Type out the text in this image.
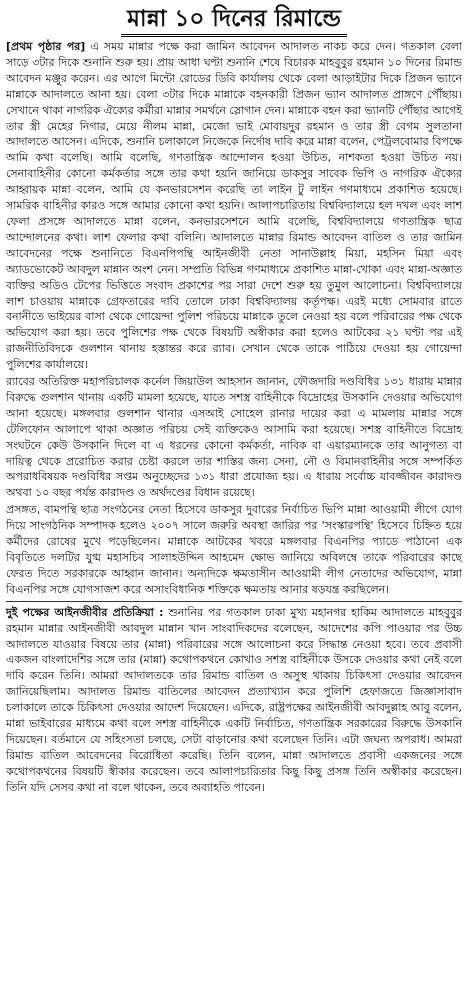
মান্না ১০ দিনের রিমান্ডে

[প্রথম পৃষ্ঠার পর] এ সময় মান্নার পক্ষে করা জামিন আবেদন আদালত নাকচ করে দেন। গতকাল বেলা সাড়ে ৩টার দিকে শুনানি শুরু হয়। প্রায় আধা ঘণ্টা শুনানি শেষে বিচারক মাহবুবুর রহমান ১০ দিনের রিমান্ড আবেদন মঞ্জুর করেন। এর আগে মিন্টো রোডের ডিবি কার্যালয় থেকে বেলা আড়াইটার দিকে প্রিজন ভ্যানে মান্নাকে আদালতে আনা হয়। বেলা ৩টার দিকে মান্নাকে বহনকারী প্রিজন ভ্যান আদালত প্রাঙ্গণে পৌঁছায়। সেখানে থাকা নাগরিক ঐক্যের কর্মীরা মান্নার সমর্থনে স্লোগান দেন। মান্নাকে বহন করা ভ্যানটি পৌঁছার আগেই তার স্ত্রী মেহের নিগার, মেয়ে নীলম মান্না, মেজো ভাই মোবায়দুর রহমান ও তার স্ত্রী বেগম সুলতানা আদালতে আসেন। এদিকে, শুনানি চলাকালে নিজেকে নির্দোষ দাবি করে মান্না বলেন, পেট্রলবোমার বিপক্ষে আমি কথা বলেছি। আমি বলেছি, গণতান্ত্রিক আন্দোলন হওয়া উচিত, নাশকতা হওয়া উচিত নয়। সেনাবাহিনীর কোনো কর্মকর্তার সঙ্গে তার কথা হয়নি জানিয়ে ডাকসুর সাবেক ভিপি ও নাগরিক ঐক্যের আহ্বায়ক মান্না বলেন, আমি যে কনভারসেশন করেছি তা লাইন টু লাইন গণমাধ্যমে প্রকাশিত হয়েছে। সামরিক বাহিনীর কারও সঙ্গে আমার কোনো কথা হয়নি। আলাপচারিতায় বিশ্ববিদ্যালয়ে হল দখল এবং লাশ ফেলা প্রসঙ্গে আদালতে মান্না বলেন, কনভারসেশনে আমি বলেছি, বিশ্ববিদ্যালয়ে গণতান্ত্রিক ছাত্র আন্দোলনের কথা। লাশ ফেলার কথা বলিনি। আদালতে মান্নার রিমান্ড আবেদন বাতিল ও তার জামিন আবেদনের পক্ষে শুনানিতে বিএনপিপন্থি আইনজীবী নেতা সানাউল্লাহ মিয়া, মহসিন মিয়া এবং অ্যাডভোকেট আবদুল মান্নান অংশ নেন। সম্প্রতি বিভিন্ন গণমাধ্যমে প্রকাশিত মান্না-খোকা এবং মান্না-অজ্ঞাত ব্যক্তির অডিও টেপের ভিত্তিতে সংবাদ প্রকাশের পর সারা দেশে শুরু হয় তুমুল আলোচনা। বিশ্ববিদ্যালয়ে লাশ চাওয়ায় মান্নাকে গ্রেফতারের দাবি তোলে ঢাকা বিশ্ববিদ্যালয় কর্তৃপক্ষ। এরই মধ্যে সোমবার রাতে বনানীতে ভাইয়ের বাসা থেকে গোয়েন্দা পুলিশ পরিচয়ে মান্নাকে তুলে নেওয়া হয় বলে পরিবারের পক্ষ থেকে অভিযোগ করা হয়। তবে পুলিশের পক্ষ থেকে বিষয়টি অস্বীকার করা হলেও আটকের ২১ ঘণ্টা পর এই রাজনীতিবিদকে গুলশান থানায় হস্তান্তর করে র‌্যাব। সেখান থেকে তাকে পাঠিয়ে দেওয়া হয় গোয়েন্দা পুলিশের কার্যালয়ে।

র‌্যাবের অতিরিক্ত মহাপরিচালক কর্নেল জিয়াউল আহসান জানান, ফৌজদারি দণ্ডবিধির ১৩১ ধারায় মান্নার বিরুদ্ধে গুলশান থানায় একটি মামলা হয়েছে, যাতে সশস্ত্র বাহিনীকে বিদ্রোহের উসকানি দেওয়ার অভিযোগ আনা হয়েছে। মঙ্গলবার গুলশান থানার এসআই সোহেল রানার দায়ের করা এ মামলায় মান্নার সঙ্গে টেলিফোন আলাপে থাকা অজ্ঞাত পরিচয় সেই ব্যক্তিকেও আসামি করা হয়েছে। সশস্ত্র বাহিনীতে বিদ্রোহ সংঘটনে কেউ উসকানি দিলে বা এ ধরনের কোনো কর্মকর্তা, নাবিক বা এয়ারম্যানকে তার আনুগত্য বা দায়িত্ব থেকে প্ররোচিত করার চেষ্টা করলে তার শাস্তির জন্য সেনা, নৌ ও বিমানবাহিনীর সঙ্গে সম্পর্কিত অপরাধবিষয়ক দণ্ডবিধির সপ্তম অনুচ্ছেদের ১৩১ ধারা প্রযোজ্য হয়। এ ধারায় সর্বোচ্চ যাবজ্জীবন কারাদণ্ড অথবা ১০ বছর পর্যন্ত কারাদণ্ড ও অর্থদণ্ডের বিধান রয়েছে।

প্রসঙ্গত, বামপন্থি ছাত্র সংগঠনের নেতা হিসেবে ডাকসুর দুবারের নির্বাচিত ভিপি মান্না আওয়ামী লীগে যোগ দিয়ে সাংগঠনিক সম্পাদক হলেও ২০০৭ সালে জরুরি অবস্থা জারির পর 'সংস্কারপন্থি' হিসেবে চিহ্নিত হয়ে কর্মীদের রোষের মুখে পড়েছিলেন। মান্নাকে আটকের খবরে মঙ্গলবার বিএনপির প্যাডে পাঠানো এক বিবৃতিতে দলটির যুগ্ম মহাসচিব সালাহউদ্দিন আহমেদ ক্ষোভ জানিয়ে অবিলম্বে তাকে পরিবারের কাছে ফেরত দিতে সরকারকে আহ্বান জানান। অন্যদিকে ক্ষমতাসীন আওয়ামী লীগ নেতাদের অভিযোগ, মান্না বিএনপির সঙ্গে যোগসাজশ করে অসাংবিধানিক শক্তিকে ক্ষমতায় আনার ষড়যন্ত্র করছিলেন।

দুই পক্ষের আইনজীবীর প্রতিক্রিয়া : শুনানির পর গতকাল ঢাকা মুখ্য মহানগর হাকিম আদালতে মাহবুবুর রহমান মান্নার আইনজীবী আবদুল মান্নান খান সাংবাদিকদের বলেছেন, আদেশের কপি পাওয়ার পর উচ্চ আদালতে যাওয়ার বিষয়ে তার (মান্না) পরিবারের সঙ্গে আলোচনা করে সিদ্ধান্ত নেওয়া হবে। তবে প্রবাসী একজন বাংলাদেশির সঙ্গে তার (মান্না) কথোপকথনে কোথাও সশস্ত্র বাহিনীকে উসকে দেওয়ার কথা নেই বলে দাবি করেন তিনি। আমরা আদালতকে তার রিমান্ড বাতিল ও অসুস্থ থাকায় চিকিৎসা দেওয়ার আবেদন জানিয়েছিলাম। আদালত রিমান্ড বাতিলের আবেদন প্রত্যাখ্যান করে পুলিশি হেফাজতে জিজ্ঞাসাবাদ চলাকালে তাকে চিকিৎসা দেওয়ার আদেশ দিয়েছেন। এদিকে, রাষ্ট্রপক্ষের আইনজীবী আবদুল্লাহ আবু বলেন, মান্না ভাইবারের মাধ্যমে কথা বলে সশস্ত্র বাহিনীকে একটি নির্বাচিত, গণতান্ত্রিক সরকারের বিরুদ্ধে উসকানি দিয়েছেন। বর্তমানে যে সহিংসতা চলছে, সেটা বাড়ানোর কথা বলেছেন তিনি। এটা জঘন্য অপরাধ। আমরা রিমান্ড বাতিল আবেদনের বিরোধিতা করেছি। তিনি বলেন, মান্না আদালতে প্রবাসী একজনের সঙ্গে কথোপকথনের বিষয়টি স্বীকার করেছেন। তবে আলাপচারিতার কিছু কিছু প্রসঙ্গ তিনি অস্বীকার করেছেন। তিনি যদি সেসব কথা না বলে থাকেন, তবে অব্যাহতি পাবেন।
